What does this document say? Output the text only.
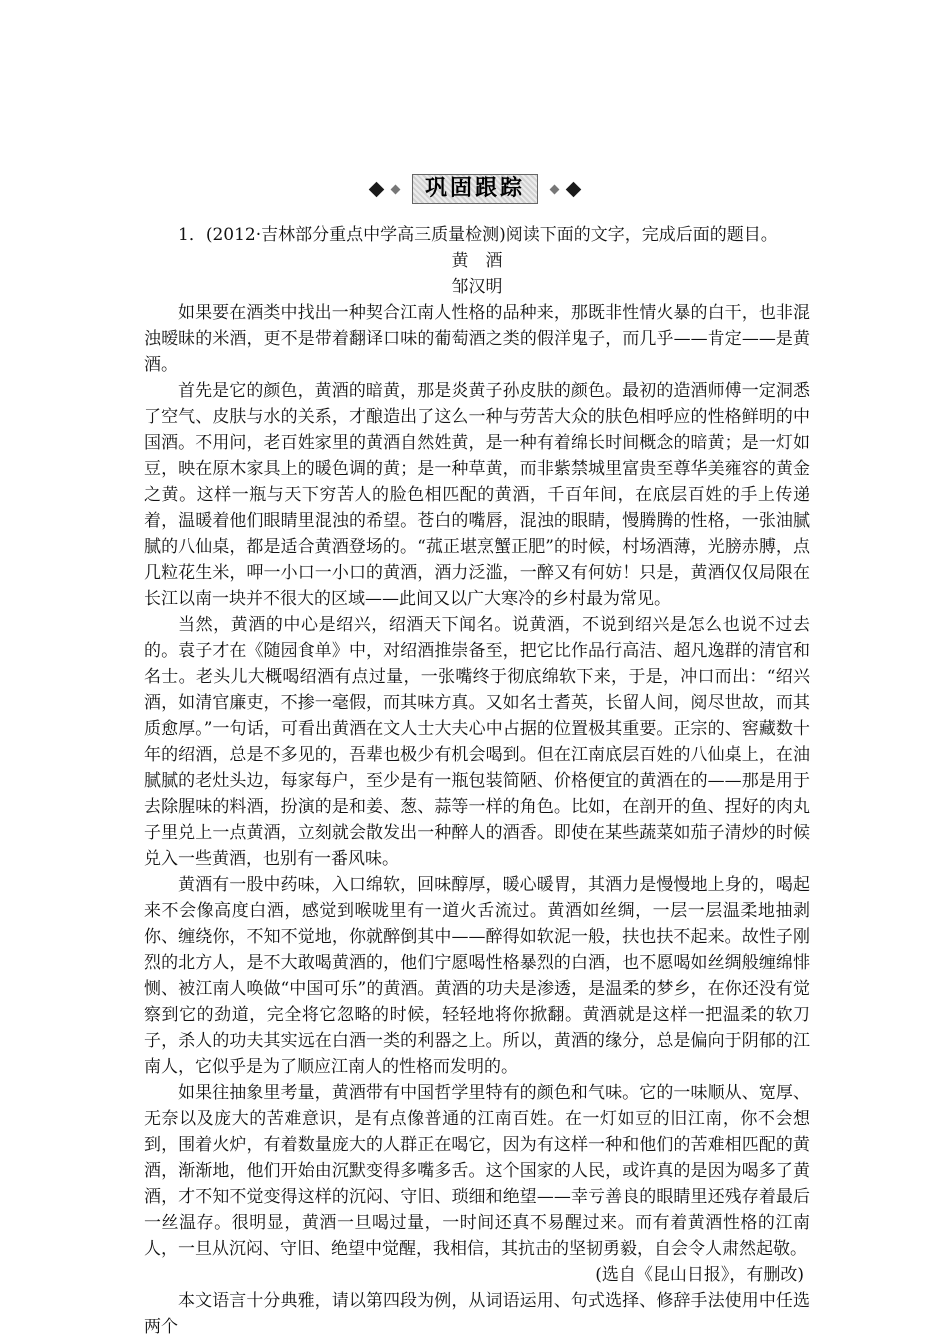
巩固跟踪

1．(2012·吉林部分重点中学高三质量检测)阅读下面的文字，完成后面的题目。

黄　酒

邹汉明

如果要在酒类中找出一种契合江南人性格的品种来，那既非性情火暴的白干，也非混浊暧昧的米酒，更不是带着翻译口味的葡萄酒之类的假洋鬼子，而几乎——肯定——是黄酒。

首先是它的颜色，黄酒的暗黄，那是炎黄子孙皮肤的颜色。最初的造酒师傅一定洞悉了空气、皮肤与水的关系，才酿造出了这么一种与劳苦大众的肤色相呼应的性格鲜明的中国酒。不用问，老百姓家里的黄酒自然姓黄，是一种有着绵长时间概念的暗黄；是一灯如豆，映在原木家具上的暖色调的黄；是一种草黄，而非紫禁城里富贵至尊华美雍容的黄金之黄。这样一瓶与天下穷苦人的脸色相匹配的黄酒，千百年间，在底层百姓的手上传递着，温暖着他们眼睛里混浊的希望。苍白的嘴唇，混浊的眼睛，慢腾腾的性格，一张油腻腻的八仙桌，都是适合黄酒登场的。“菰正堪烹蟹正肥”的时候，村场酒薄，光膀赤膊，点几粒花生米，呷一小口一小口的黄酒，酒力泛滥，一醉又有何妨！只是，黄酒仅仅局限在长江以南一块并不很大的区域——此间又以广大寒冷的乡村最为常见。

当然，黄酒的中心是绍兴，绍酒天下闻名。说黄酒，不说到绍兴是怎么也说不过去的。袁子才在《随园食单》中，对绍酒推崇备至，把它比作品行高洁、超凡逸群的清官和名士。老头儿大概喝绍酒有点过量，一张嘴终于彻底绵软下来，于是，冲口而出：“绍兴酒，如清官廉吏，不掺一毫假，而其味方真。又如名士耆英，长留人间，阅尽世故，而其质愈厚。”一句话，可看出黄酒在文人士大夫心中占据的位置极其重要。正宗的、窖藏数十年的绍酒，总是不多见的，吾辈也极少有机会喝到。但在江南底层百姓的八仙桌上，在油腻腻的老灶头边，每家每户，至少是有一瓶包装简陋、价格便宜的黄酒在的——那是用于去除腥味的料酒，扮演的是和姜、葱、蒜等一样的角色。比如，在剖开的鱼、捏好的肉丸子里兑上一点黄酒，立刻就会散发出一种醉人的酒香。即使在某些蔬菜如茄子清炒的时候兑入一些黄酒，也别有一番风味。

黄酒有一股中药味，入口绵软，回味醇厚，暖心暖胃，其酒力是慢慢地上身的，喝起来不会像高度白酒，感觉到喉咙里有一道火舌流过。黄酒如丝绸，一层一层温柔地抽剥你、缠绕你，不知不觉地，你就醉倒其中——醉得如软泥一般，扶也扶不起来。故性子刚烈的北方人，是不大敢喝黄酒的，他们宁愿喝性格暴烈的白酒，也不愿喝如丝绸般缠绵悱恻、被江南人唤做“中国可乐”的黄酒。黄酒的功夫是渗透，是温柔的梦乡，在你还没有觉察到它的劲道，完全将它忽略的时候，轻轻地将你掀翻。黄酒就是这样一把温柔的软刀子，杀人的功夫其实远在白酒一类的利器之上。所以，黄酒的缘分，总是偏向于阴郁的江南人，它似乎是为了顺应江南人的性格而发明的。

如果往抽象里考量，黄酒带有中国哲学里特有的颜色和气味。它的一味顺从、宽厚、无奈以及庞大的苦难意识，是有点像普通的江南百姓。在一灯如豆的旧江南，你不会想到，围着火炉，有着数量庞大的人群正在喝它，因为有这样一种和他们的苦难相匹配的黄酒，渐渐地，他们开始由沉默变得多嘴多舌。这个国家的人民，或许真的是因为喝多了黄酒，才不知不觉变得这样的沉闷、守旧、琐细和绝望——幸亏善良的眼睛里还残存着最后一丝温存。很明显，黄酒一旦喝过量，一时间还真不易醒过来。而有着黄酒性格的江南人，一旦从沉闷、守旧、绝望中觉醒，我相信，其抗击的坚韧勇毅，自会令人肃然起敬。

(选自《昆山日报》，有删改)

本文语言十分典雅，请以第四段为例，从词语运用、句式选择、修辞手法使用中任选两个
